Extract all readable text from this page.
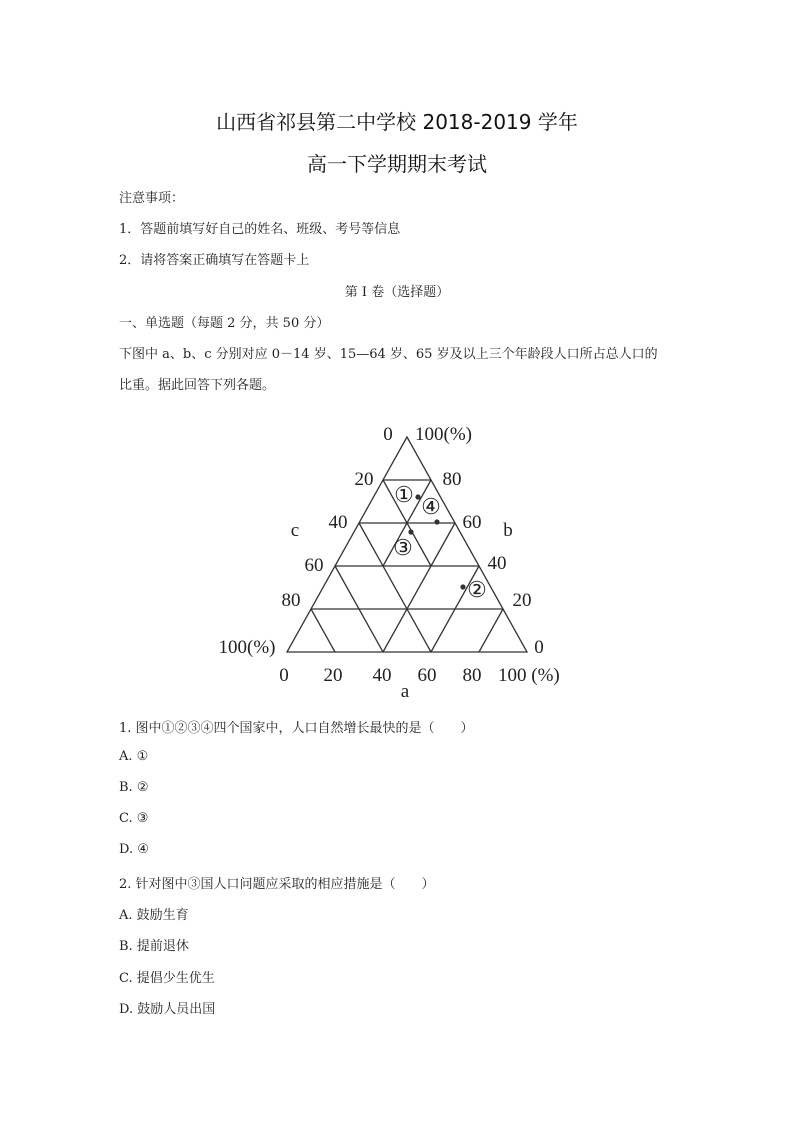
山西省祁县第二中学校 2018-2019 学年
高一下学期期末考试
注意事项：
1．答题前填写好自己的姓名、班级、考号等信息
2．请将答案正确填写在答题卡上
第 I 卷（选择题）
一、单选题（每题 2 分，共 50 分）
下图中 a、b、c 分别对应 0－14 岁、15—64 岁、65 岁及以上三个年龄段人口所占总人口的
比重。据此回答下列各题。
0 100(%)
20
40
60
80
100(%)
c
80
60
40
20
0
b
0 20 40 60 80 100 (%)
a
① ④
③
②
1. 图中①②③④四个国家中，人口自然增长最快的是（　　）
A. ①
B. ②
C. ③
D. ④
2. 针对图中③国人口问题应采取的相应措施是（　　）
A. 鼓励生育
B. 提前退休
C. 提倡少生优生
D. 鼓励人员出国
